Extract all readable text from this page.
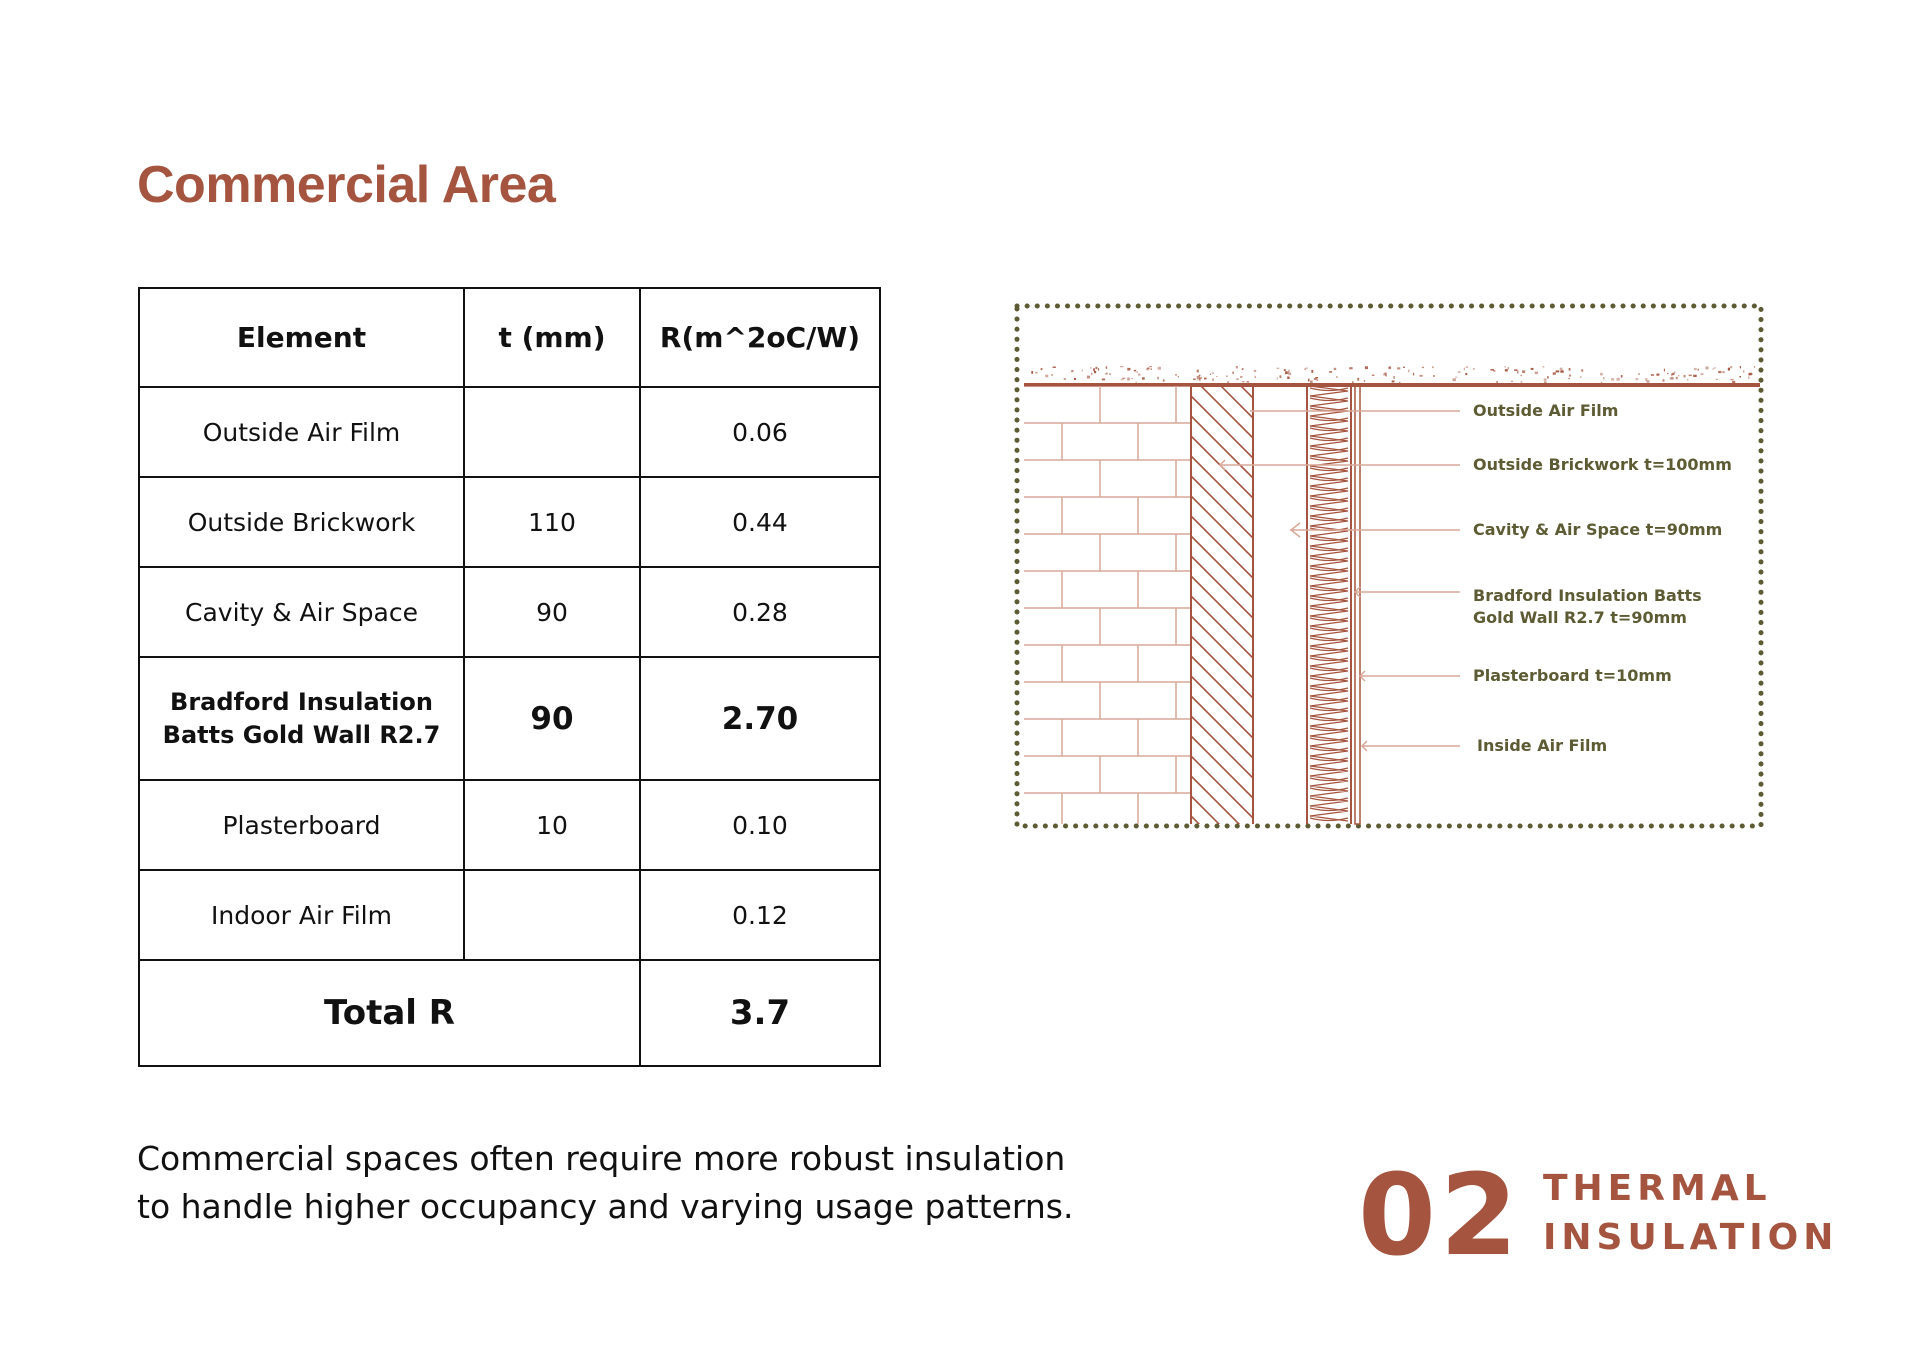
Commercial Area
Element	t (mm)	R(m^2oC/W)
Outside Air Film		0.06
Outside Brickwork	110	0.44
Cavity & Air Space	90	0.28
Bradford Insulation
Batts Gold Wall R2.7	90	2.70
Plasterboard	10	0.10
Indoor Air Film		0.12
Total R		3.7
Outside Air Film
Outside Brickwork t=100mm
Cavity & Air Space t=90mm
Bradford Insulation Batts
Gold Wall R2.7 t=90mm
Plasterboard t=10mm
Inside Air Film

Commercial spaces often require more robust insulation
to handle higher occupancy and varying usage patterns.	02 THERMAL
INSULATION
